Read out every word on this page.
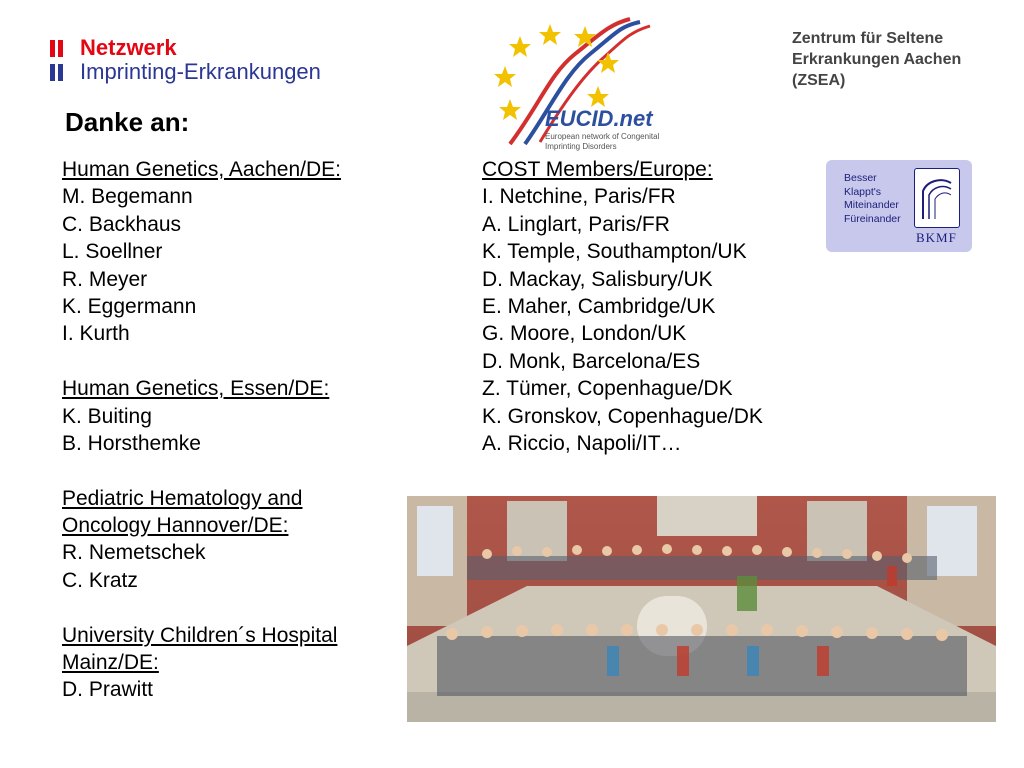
Netzwerk
Imprinting-Erkrankungen
Danke an:
Human Genetics, Aachen/DE:
M. Begemann
C. Backhaus
L. Soellner
R. Meyer
K. Eggermann
I. Kurth
Human Genetics, Essen/DE:
K. Buiting
B. Horsthemke
Pediatric Hematology and
Oncology Hannover/DE:
R. Nemetschek
C. Kratz
University Children´s Hospital
Mainz/DE:
D. Prawitt
COST Members/Europe:
I. Netchine, Paris/FR
A. Linglart, Paris/FR
K. Temple, Southampton/UK
D. Mackay, Salisbury/UK
E. Maher, Cambridge/UK
G. Moore, London/UK
D. Monk, Barcelona/ES
Z. Tümer, Copenhague/DK
K. Gronskov, Copenhague/DK
A. Riccio, Napoli/IT…
EUCID.net
European network of Congenital Imprinting Disorders
Zentrum für Seltene
Erkrankungen Aachen
(ZSEA)
Besser
Klappt's
Miteinander
Füreinander
BKMF
